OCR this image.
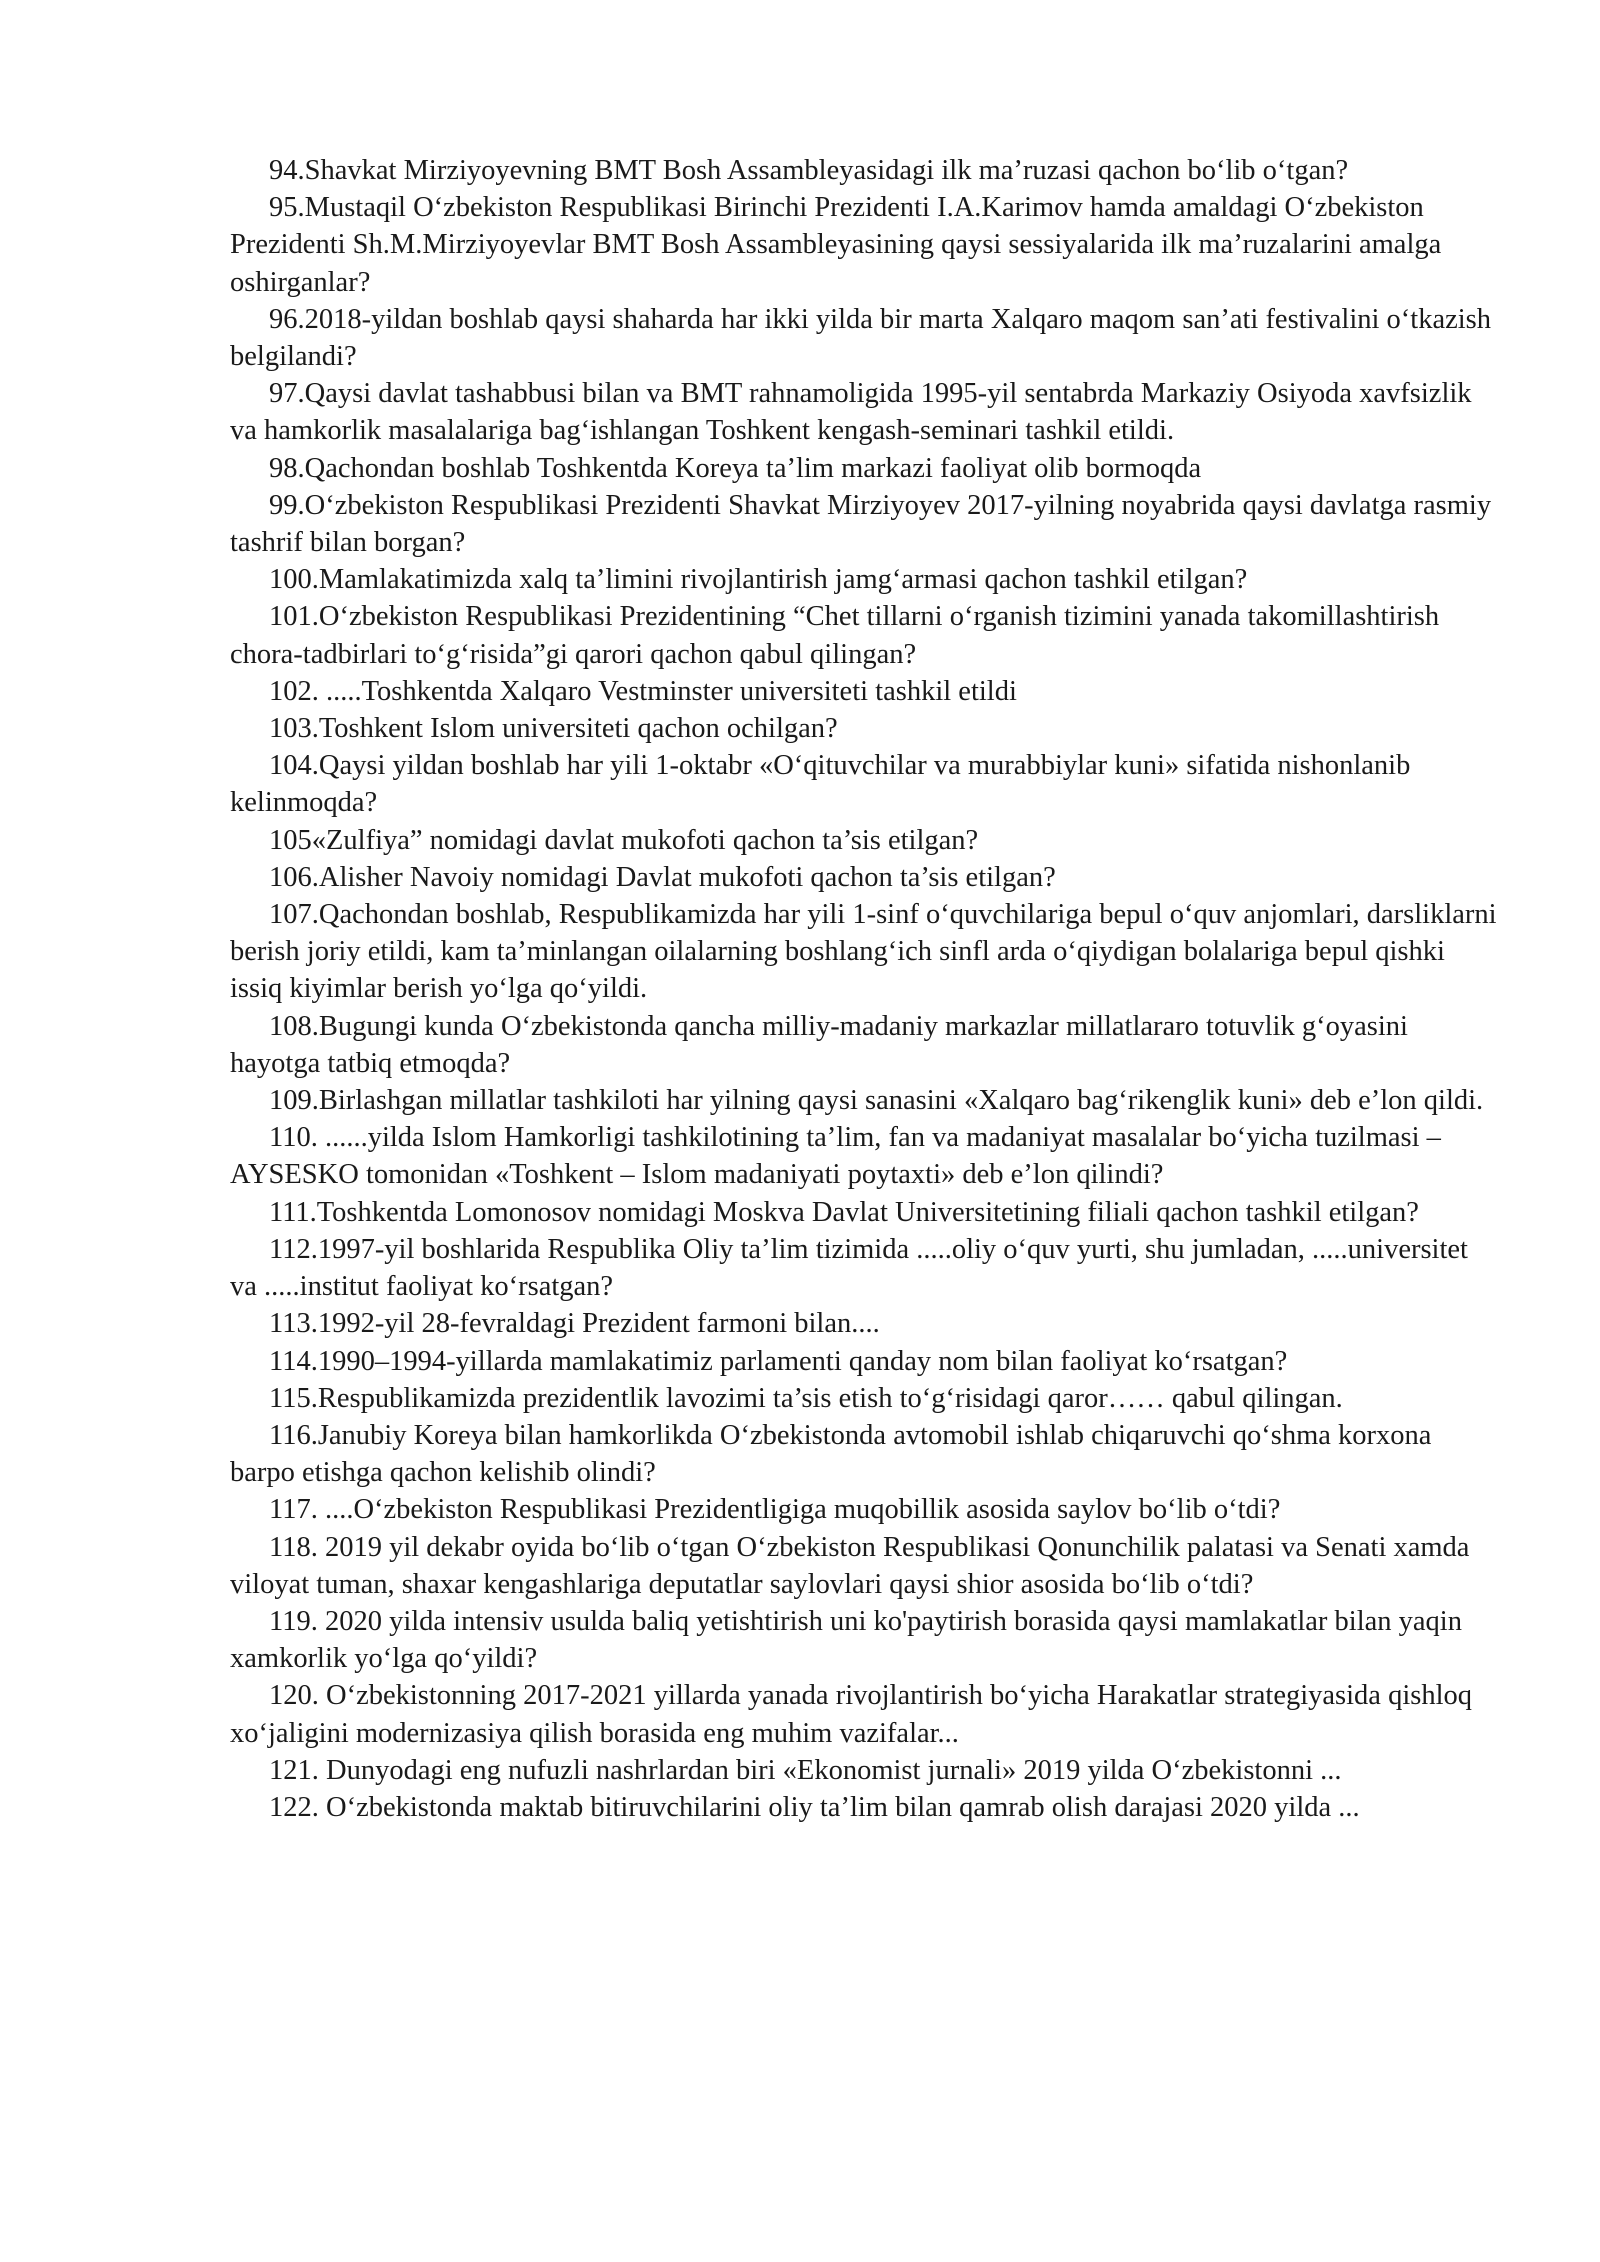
94.Shavkat Mirziyoyevning BMT Bosh Assambleyasidagi ilk ma’ruzasi qachon bo‘lib o‘tgan?

95.Mustaqil O‘zbekiston Respublikasi Birinchi Prezidenti I.A.Karimov hamda amaldagi O‘zbekiston Prezidenti Sh.M.Mirziyoyevlar BMT Bosh Assambleyasining qaysi sessiyalarida ilk ma’ruzalarini amalga oshirganlar?

96.2018-yildan boshlab qaysi shaharda har ikki yilda bir marta Xalqaro maqom san’ati festivalini o‘tkazish belgilandi?

97.Qaysi davlat tashabbusi bilan va BMT rahnamoligida 1995-yil sentabrda Markaziy Osiyoda xavfsizlik va hamkorlik masalalariga bag‘ishlangan Toshkent kengash-seminari tashkil etildi.

98.Qachondan boshlab Toshkentda Koreya ta’lim markazi faoliyat olib bormoqda

99.O‘zbekiston Respublikasi Prezidenti Shavkat Mirziyoyev 2017-yilning noyabrida qaysi davlatga rasmiy tashrif bilan borgan?

100.Mamlakatimizda xalq ta’limini rivojlantirish jamg‘armasi qachon tashkil etilgan?

101.O‘zbekiston Respublikasi Prezidentining “Chet tillarni o‘rganish tizimini yanada takomillashtirish chora-tadbirlari to‘g‘risida”gi qarori qachon qabul qilingan?

102. .....Toshkentda Xalqaro Vestminster universiteti tashkil etildi

103.Toshkent Islom universiteti qachon ochilgan?

104.Qaysi yildan boshlab har yili 1-oktabr «O‘qituvchilar va murabbiylar kuni» sifatida nishonlanib kelinmoqda?

105«Zulfiya” nomidagi davlat mukofoti qachon ta’sis etilgan?

106.Alisher Navoiy nomidagi Davlat mukofoti qachon ta’sis etilgan?

107.Qachondan boshlab, Respublikamizda har yili 1-sinf o‘quvchilariga bepul o‘quv anjomlari, darsliklarni berish joriy etildi, kam ta’minlangan oilalarning boshlang‘ich sinfl arda o‘qiydigan bolalariga bepul qishki issiq kiyimlar berish yo‘lga qo‘yildi.

108.Bugungi kunda O‘zbekistonda qancha milliy-madaniy markazlar millatlararo totuvlik g‘oyasini hayotga tatbiq etmoqda?

109.Birlashgan millatlar tashkiloti har yilning qaysi sanasini «Xalqaro bag‘rikenglik kuni» deb e’lon qildi.

110. ......yilda Islom Hamkorligi tashkilotining ta’lim, fan va madaniyat masalalar bo‘yicha tuzilmasi – AYSESKO tomonidan «Toshkent – Islom madaniyati poytaxti» deb e’lon qilindi?

111.Toshkentda Lomonosov nomidagi Moskva Davlat Universitetining filiali qachon tashkil etilgan?

112.1997-yil boshlarida Respublika Oliy ta’lim tizimida .....oliy o‘quv yurti, shu jumladan, .....universitet va .....institut faoliyat ko‘rsatgan?

113.1992-yil 28-fevraldagi Prezident farmoni bilan....

114.1990–1994-yillarda mamlakatimiz parlamenti qanday nom bilan faoliyat ko‘rsatgan?

115.Respublikamizda prezidentlik lavozimi ta’sis etish to‘g‘risidagi qaror…… qabul qilingan.

116.Janubiy Koreya bilan hamkorlikda O‘zbekistonda avtomobil ishlab chiqaruvchi qo‘shma korxona barpo etishga qachon kelishib olindi?

117. ....O‘zbekiston Respublikasi Prezidentligiga muqobillik asosida saylov bo‘lib o‘tdi?

118. 2019 yil dekabr oyida bo‘lib o‘tgan O‘zbekiston Respublikasi Qonunchilik palatasi va Senati xamda viloyat tuman, shaxar kengashlariga deputatlar saylovlari qaysi shior asosida bo‘lib o‘tdi?

119. 2020 yilda intensiv usulda baliq yetishtirish uni ko'paytirish borasida qaysi mamlakatlar bilan yaqin xamkorlik yo‘lga qo‘yildi?

120. O‘zbekistonning 2017-2021 yillarda yanada rivojlantirish bo‘yicha Harakatlar strategiyasida qishloq xo‘jaligini modernizasiya qilish borasida eng muhim vazifalar...

121. Dunyodagi eng nufuzli nashrlardan biri «Ekonomist jurnali» 2019 yilda O‘zbekistonni ...

122. O‘zbekistonda maktab bitiruvchilarini oliy ta’lim bilan qamrab olish darajasi 2020 yilda ...
